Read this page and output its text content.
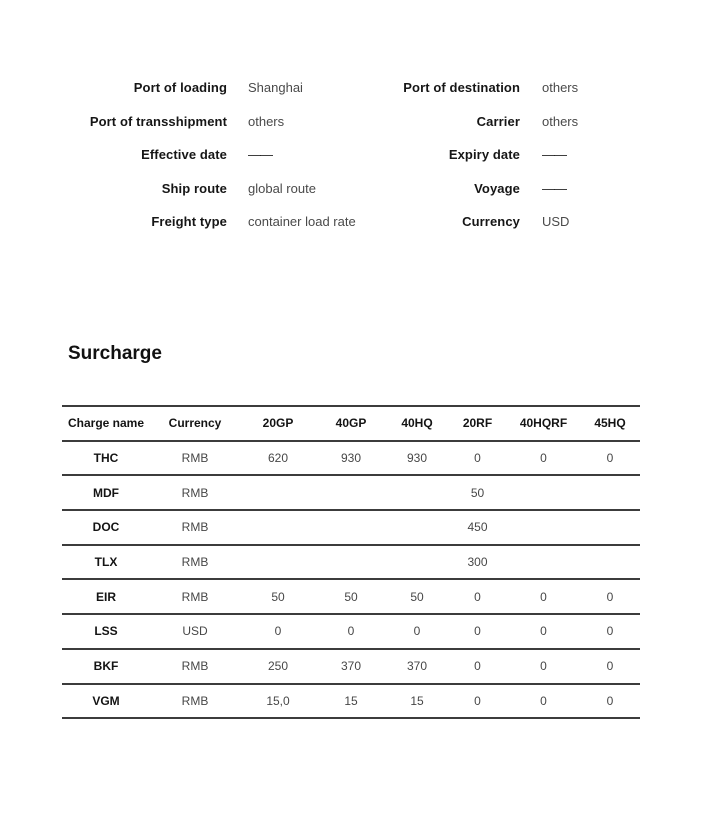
Port of loading	Shanghai	Port of destination	others
Port of transshipment	others	Carrier	others
Effective date	——	Expiry date	——
Ship route	global route	Voyage	——
Freight type	container load rate	Currency	USD
Surcharge
Charge name	Currency	20GP	40GP	40HQ	20RF	40HQRF	45HQ
THC	RMB	620	930	930	0	0	0
MDF	RMB				50		
DOC	RMB				450		
TLX	RMB				300		
EIR	RMB	50	50	50	0	0	0
LSS	USD	0	0	0	0	0	0
BKF	RMB	250	370	370	0	0	0
VGM	RMB	15,0	15	15	0	0	0
